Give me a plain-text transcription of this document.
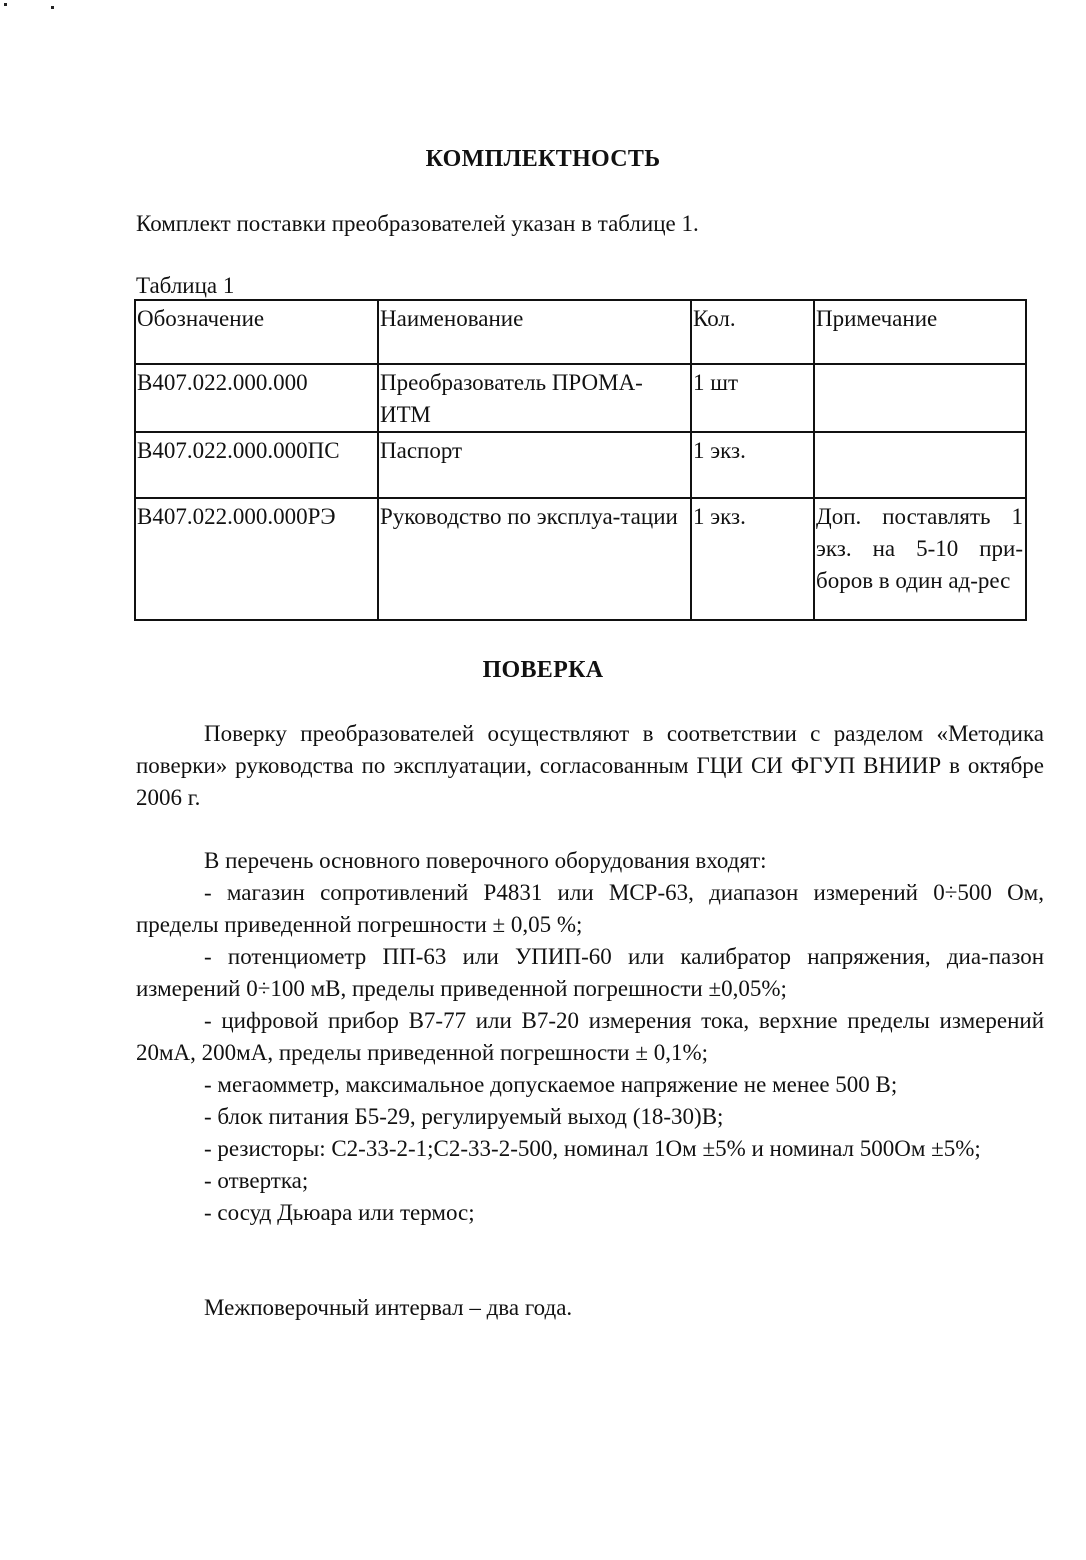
КОМПЛЕКТНОСТЬ
Комплект поставки преобразователей указан в таблице 1.
Таблица 1
Обозначение	Наименование	Кол.	Примечание
В407.022.000.000	Преобразователь ПРОМА-ИТМ	1 шт	
В407.022.000.000ПС	Паспорт	1 экз.	
В407.022.000.000РЭ	Руководство по эксплуа-тации	1 экз.	Доп. поставлять 1 экз. на 5-10 при-боров в один ад-рес
ПОВЕРКА
Поверку преобразователей осуществляют в соответствии с разделом «Методика поверки» руководства по эксплуатации, согласованным ГЦИ СИ ФГУП ВНИИР в октябре 2006 г.
В перечень основного поверочного оборудования входят:
- магазин сопротивлений Р4831 или МСР-63, диапазон измерений 0÷500 Ом, пределы приведенной погрешности ± 0,05 %;
- потенциометр ПП-63 или УПИП-60 или калибратор напряжения, диа-пазон измерений 0÷100 мВ, пределы приведенной погрешности ±0,05%;
- цифровой прибор В7-77 или В7-20 измерения тока, верхние пределы измерений 20мА, 200мА, пределы приведенной погрешности ± 0,1%;
- мегаомметр, максимальное допускаемое напряжение не менее 500 В;
- блок питания Б5-29, регулируемый выход (18-30)В;
- резисторы: С2-33-2-1;С2-33-2-500, номинал 1Ом ±5% и номинал 500Ом ±5%;
- отвертка;
- сосуд Дьюара или термос;
Межповерочный интервал – два года.
